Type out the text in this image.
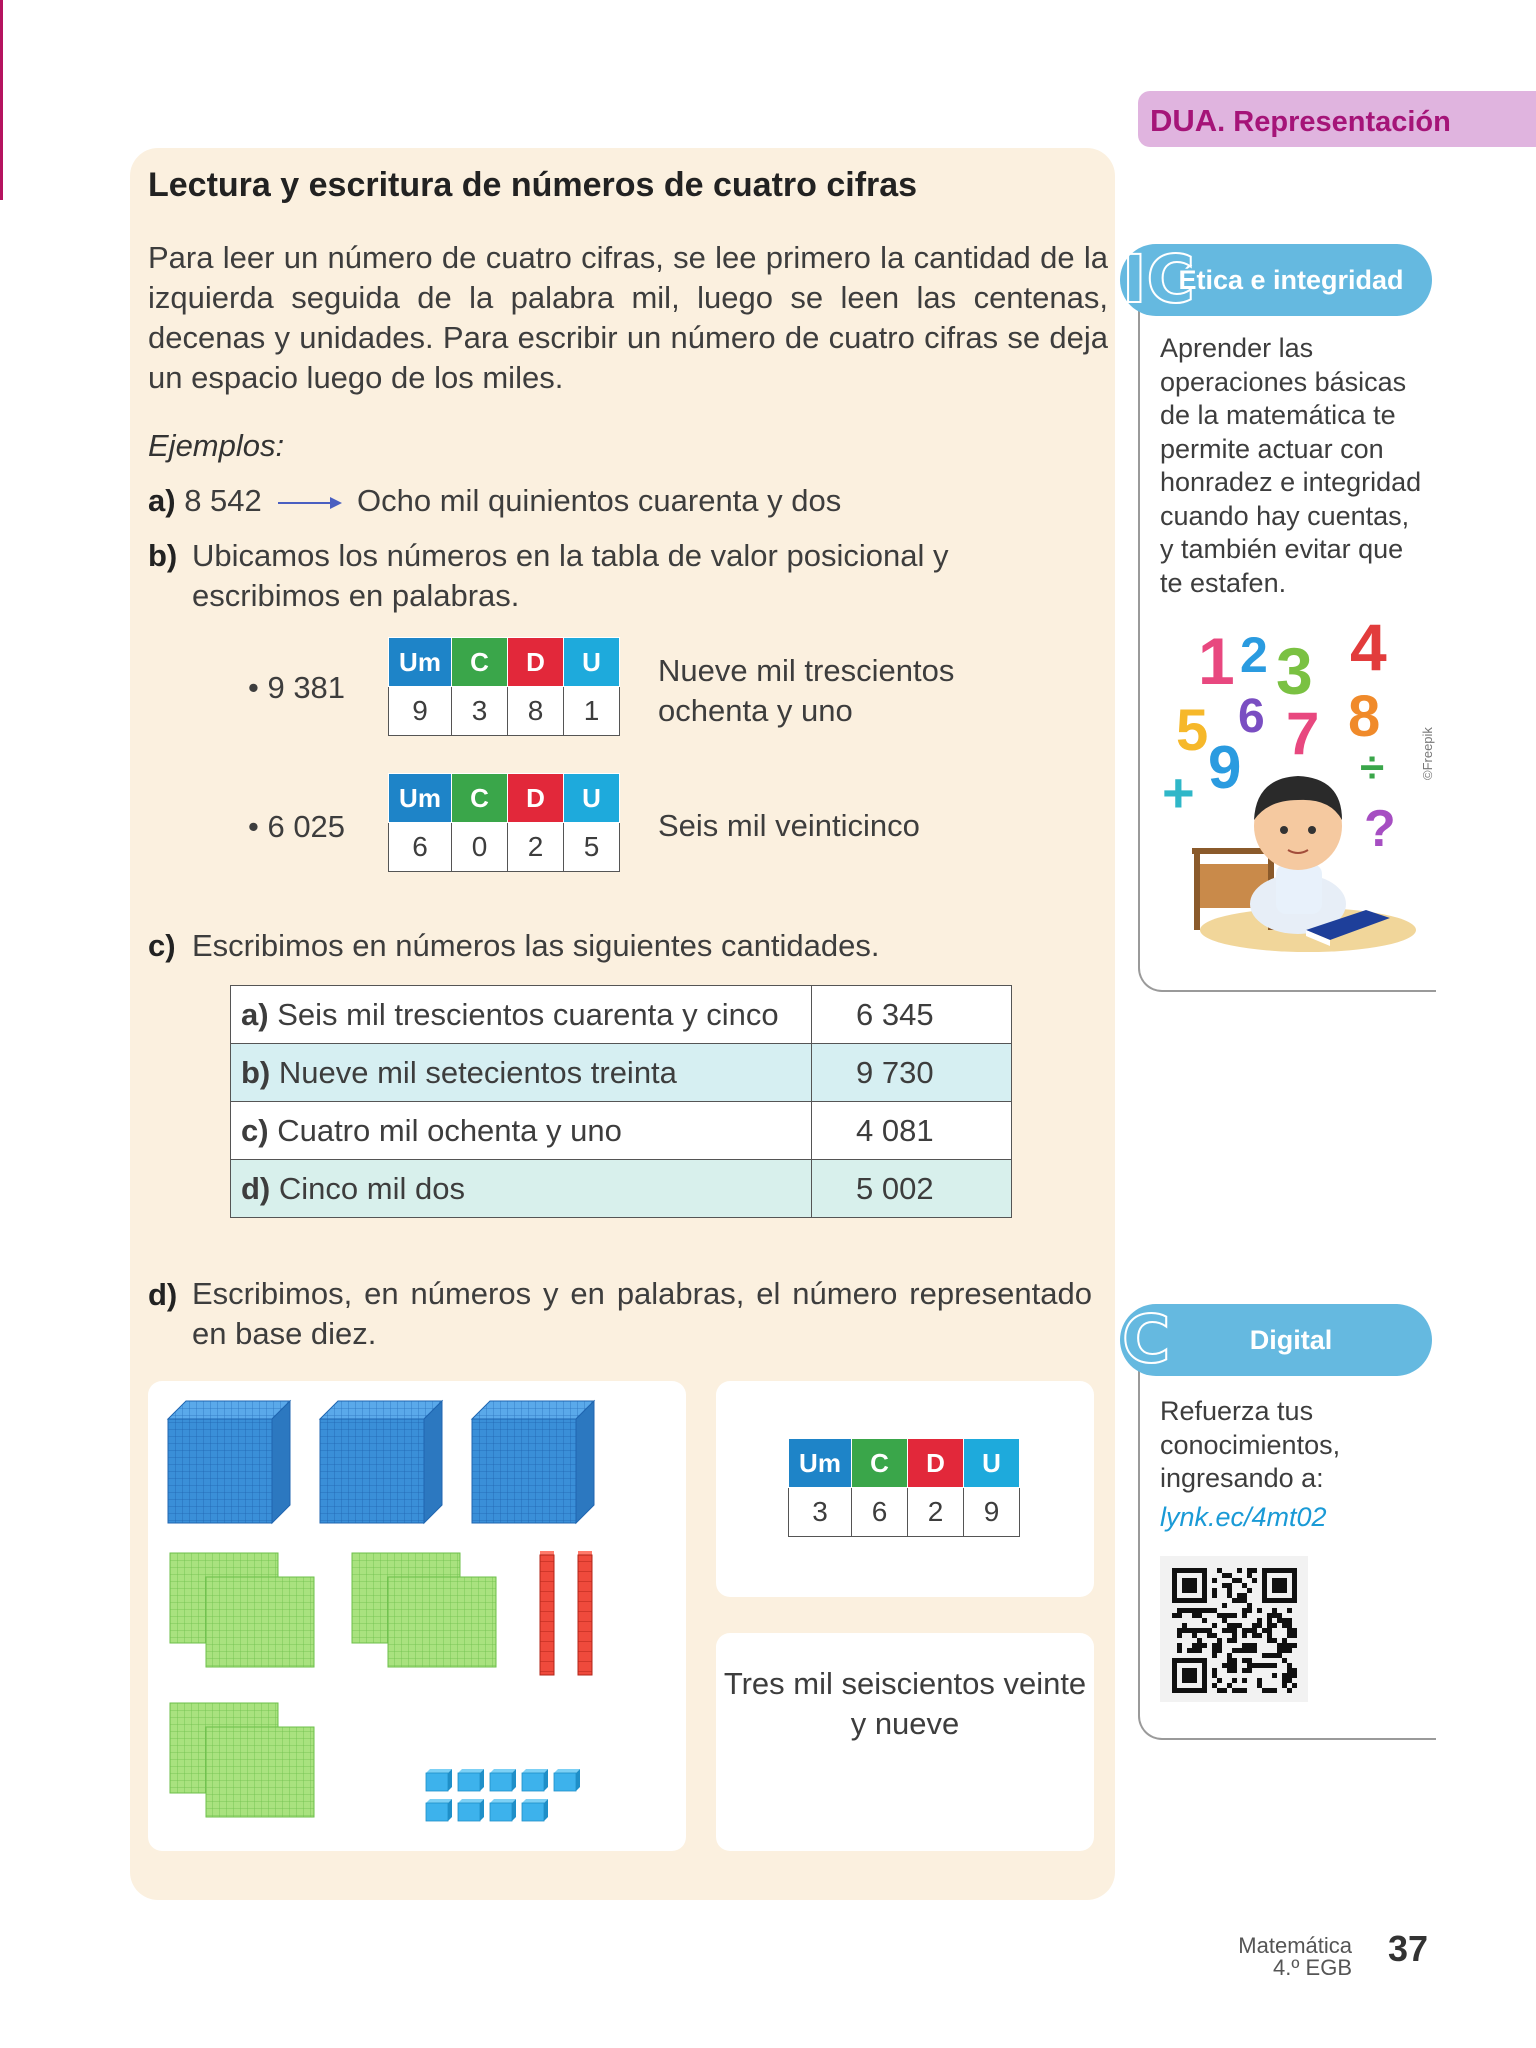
DUA. Representación
Lectura y escritura de números de cuatro cifras

Para leer un número de cuatro cifras, se lee primero la cantidad de la izquierda seguida de la palabra mil, luego se leen las centenas, decenas y unidades. Para escribir un número de cuatro cifras se deja un espacio luego de los miles.

Ejemplos:
a) 8 542	Ocho mil quinientos cuarenta y dos
b) Ubicamos los números en la tabla de valor posicional y escribimos en palabras.

• 9 381
Um	C	D	U
9	3	8	1

Nueve mil trescientos ochenta y uno

• 6 025
Um	C	D	U
6	0	2	5

Seis mil veinticinco

c) Escribimos en números las siguientes cantidades.

a) Seis mil trescientos cuarenta y cinco	6 345
b) Nueve mil setecientos treinta	9 730
c) Cuatro mil ochenta y uno	4 081
d) Cinco mil dos	5 002
d) Escribimos, en números y en palabras, el número representado en base diez.

Um	C	D	U
3	6	2	9

Tres mil seiscientos veinte y nueve

IC
Ética e integridad

Aprender las operaciones básicas de la matemática te permite actuar con honradez e integridad cuando hay cuentas, y también evitar que te estafen.

1 2 3 4
5 6 7 8
9
+	÷
?
©Freepik
C	Digital

Refuerza tus conocimientos, ingresando a:

lynk.ec/4mt02
Matemática
4.º EGB 37
